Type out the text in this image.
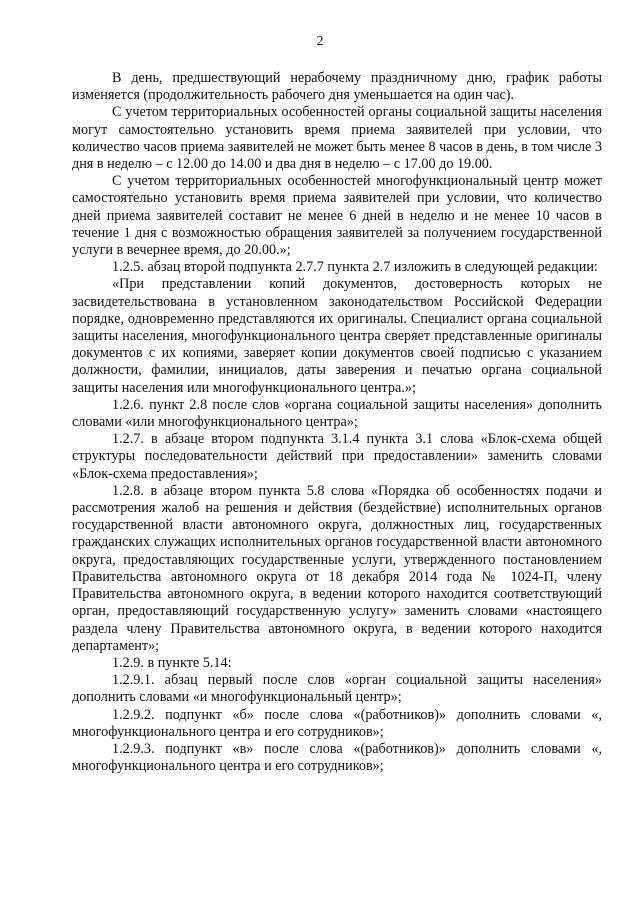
2

В день, предшествующий нерабочему праздничному дню, график работы изменяется (продолжительность рабочего дня уменьшается на один час).

С учетом территориальных особенностей органы социальной защиты населения могут самостоятельно установить время приема заявителей при условии, что количество часов приема заявителей не может быть менее 8 часов в день, в том числе 3 дня в неделю – с 12.00 до 14.00 и два дня в неделю – с 17.00 до 19.00.

С учетом территориальных особенностей многофункциональный центр может самостоятельно установить время приема заявителей при условии, что количество дней приема заявителей составит не менее 6 дней в неделю и не менее 10 часов в течение 1 дня с возможностью обращения заявителей за получением государственной услуги в вечернее время, до 20.00.»;

1.2.5. абзац второй подпункта 2.7.7 пункта 2.7 изложить в следующей редакции:

«При представлении копий документов, достоверность которых не засвидетельствована в установленном законодательством Российской Федерации порядке, одновременно представляются их оригиналы. Специалист органа социальной защиты населения, многофункционального центра сверяет представленные оригиналы документов с их копиями, заверяет копии документов своей подписью с указанием должности, фамилии, инициалов, даты заверения и печатью органа социальной защиты населения или многофункционального центра.»;

1.2.6. пункт 2.8 после слов «органа социальной защиты населения» дополнить словами «или многофункционального центра»;

1.2.7. в абзаце втором подпункта 3.1.4 пункта 3.1 слова «Блок-схема общей структуры последовательности действий при предоставлении» заменить словами «Блок-схема предоставления»;

1.2.8. в абзаце втором пункта 5.8 слова «Порядка об особенностях подачи и рассмотрения жалоб на решения и действия (бездействие) исполнительных органов государственной власти автономного округа, должностных лиц, государственных гражданских служащих исполнительных органов государственной власти автономного округа, предоставляющих государственные услуги, утвержденного постановлением Правительства автономного округа от 18 декабря 2014 года № 1024-П, члену Правительства автономного округа, в ведении которого находится соответствующий орган, предоставляющий государственную услугу» заменить словами «настоящего раздела члену Правительства автономного округа, в ведении которого находится департамент»;

1.2.9. в пункте 5.14:

1.2.9.1. абзац первый после слов «орган социальной защиты населения» дополнить словами «и многофункциональный центр»;

1.2.9.2. подпункт «б» после слова «(работников)» дополнить словами «, многофункционального центра и его сотрудников»;

1.2.9.3. подпункт «в» после слова «(работников)» дополнить словами «, многофункционального центра и его сотрудников»;
